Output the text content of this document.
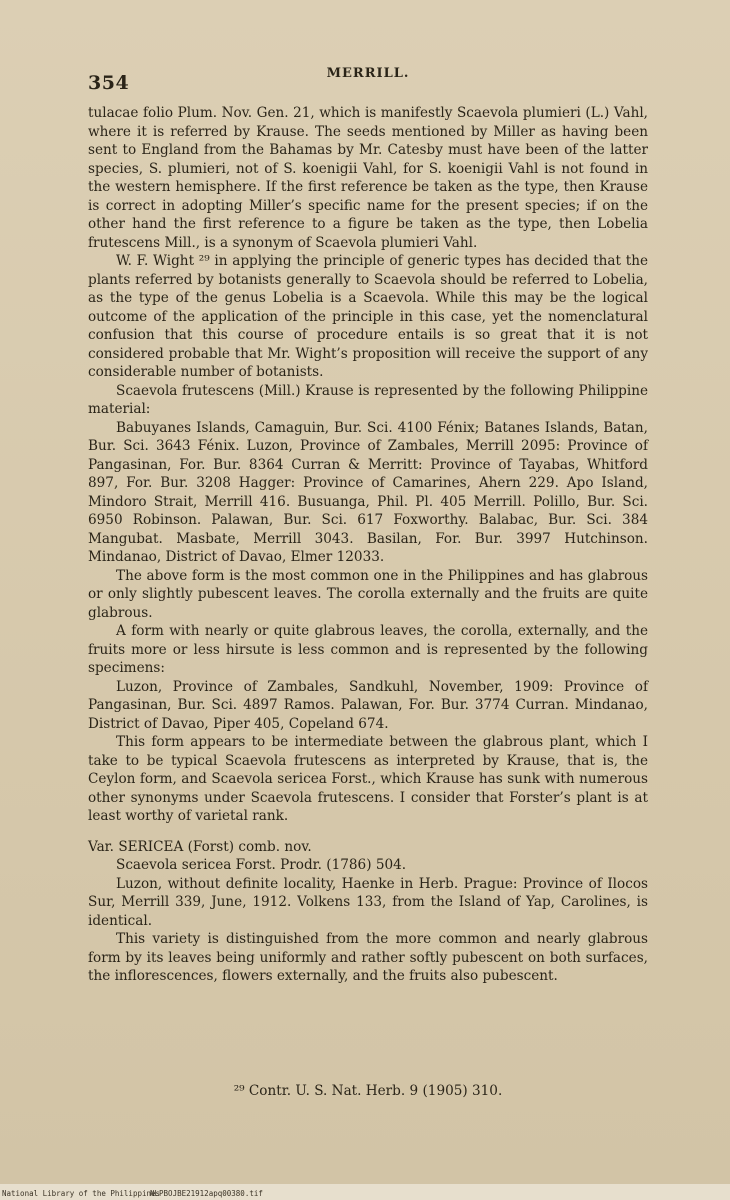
354	MERRILL.

tulacae folio Plum. Nov. Gen. 21, which is manifestly Scaevola plumieri (L.) Vahl, where it is referred by Krause. The seeds mentioned by Miller as having been sent to England from the Bahamas by Mr. Catesby must have been of the latter species, S. plumieri, not of S. koenigii Vahl, for S. koenigii Vahl is not found in the western hemisphere. If the first reference be taken as the type, then Krause is correct in adopting Miller’s specific name for the present species; if on the other hand the first reference to a figure be taken as the type, then Lobelia frutescens Mill., is a synonym of Scaevola plumieri Vahl.

W. F. Wight ²⁹ in applying the principle of generic types has decided that the plants referred by botanists generally to Scaevola should be referred to Lobelia, as the type of the genus Lobelia is a Scaevola. While this may be the logical outcome of the application of the principle in this case, yet the nomenclatural confusion that this course of procedure entails is so great that it is not considered probable that Mr. Wight’s proposition will receive the support of any considerable number of botanists.

Scaevola frutescens (Mill.) Krause is represented by the following Philippine material:

Babuyanes Islands, Camaguin, Bur. Sci. 4100 Fénix; Batanes Islands, Batan, Bur. Sci. 3643 Fénix. Luzon, Province of Zambales, Merrill 2095: Province of Pangasinan, For. Bur. 8364 Curran & Merritt: Province of Tayabas, Whitford 897, For. Bur. 3208 Hagger: Province of Camarines, Ahern 229. Apo Island, Mindoro Strait, Merrill 416. Busuanga, Phil. Pl. 405 Merrill. Polillo, Bur. Sci. 6950 Robinson. Palawan, Bur. Sci. 617 Foxworthy. Balabac, Bur. Sci. 384 Mangubat. Masbate, Merrill 3043. Basilan, For. Bur. 3997 Hutchinson. Mindanao, District of Davao, Elmer 12033.

The above form is the most common one in the Philippines and has glabrous or only slightly pubescent leaves. The corolla externally and the fruits are quite glabrous.

A form with nearly or quite glabrous leaves, the corolla, externally, and the fruits more or less hirsute is less common and is represented by the following specimens:

Luzon, Province of Zambales, Sandkuhl, November, 1909: Province of Pangasinan, Bur. Sci. 4897 Ramos. Palawan, For. Bur. 3774 Curran. Mindanao, District of Davao, Piper 405, Copeland 674.

This form appears to be intermediate between the glabrous plant, which I take to be typical Scaevola frutescens as interpreted by Krause, that is, the Ceylon form, and Scaevola sericea Forst., which Krause has sunk with numerous other synonyms under Scaevola frutescens. I consider that Forster’s plant is at least worthy of varietal rank.

Var. SERICEA (Forst) comb. nov.

Scaevola sericea Forst. Prodr. (1786) 504.

Luzon, without definite locality, Haenke in Herb. Prague: Province of Ilocos Sur, Merrill 339, June, 1912. Volkens 133, from the Island of Yap, Carolines, is identical.

This variety is distinguished from the more common and nearly glabrous form by its leaves being uniformly and rather softly pubescent on both surfaces, the inflorescences, flowers externally, and the fruits also pubescent.

²⁹ Contr. U. S. Nat. Herb. 9 (1905) 310.
National Library of the Philippines
NLPBOJBE21912apq00380.tif
